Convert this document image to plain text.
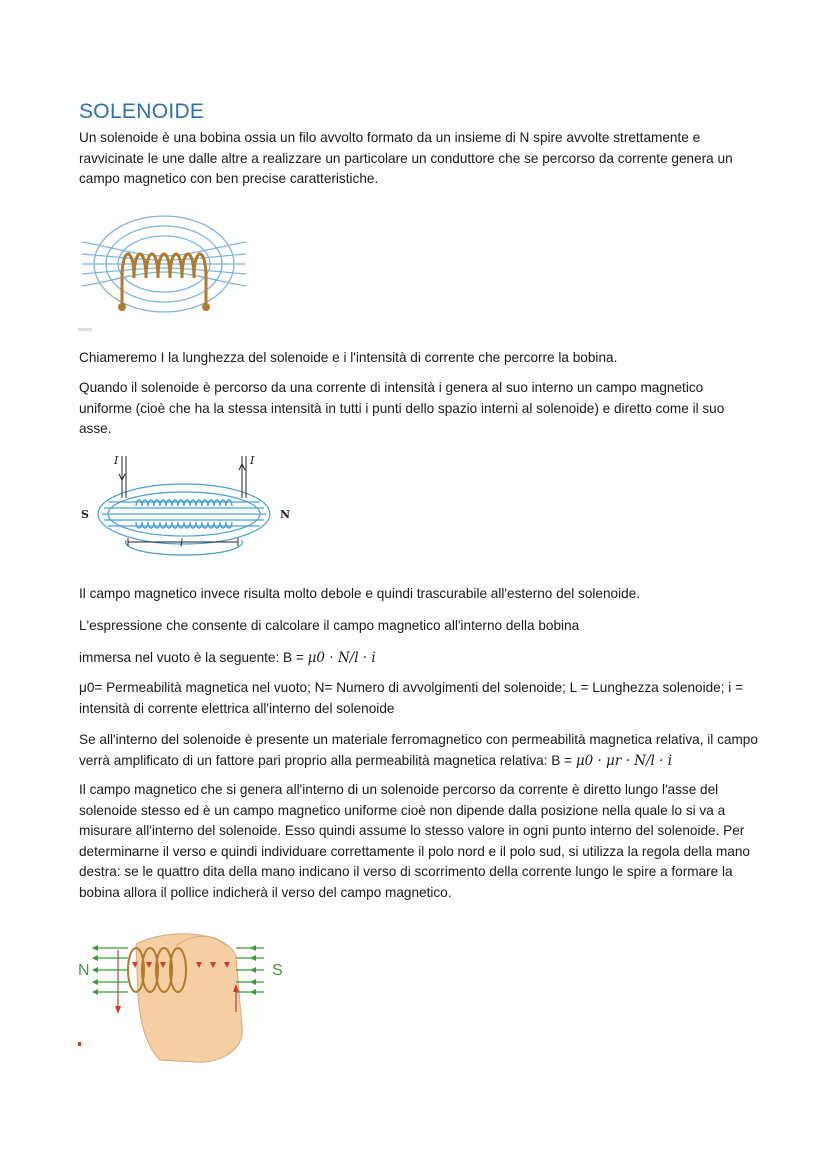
SOLENOIDE
Un solenoide è una bobina ossia un filo avvolto formato da un insieme di N spire avvolte strettamente e ravvicinate le une dalle altre a realizzare un particolare un conduttore che se percorso da corrente genera un campo magnetico con ben precise caratteristiche.
Chiameremo I la lunghezza del solenoide e i l'intensità di corrente che percorre la bobina.
Quando il solenoide è percorso da una corrente di intensità i genera al suo interno un campo magnetico uniforme (cioè che ha la stessa intensità in tutti i punti dello spazio interni al solenoide) e diretto come il suo asse.
I	I
S	N
l
Il campo magnetico invece risulta molto debole e quindi trascurabile all'esterno del solenoide.
L'espressione che consente di calcolare il campo magnetico all'interno della bobina
immersa nel vuoto è la seguente: B = μ0 · N/l · i
μ0= Permeabilità magnetica nel vuoto; N= Numero di avvolgimenti del solenoide; L = Lunghezza solenoide; i = intensità di corrente elettrica all'interno del solenoide
Se all'interno del solenoide è presente un materiale ferromagnetico con permeabilità magnetica relativa, il campo verrà amplificato di un fattore pari proprio alla permeabilità magnetica relativa: B = μ0 · μr · N/l · i
Il campo magnetico che si genera all'interno di un solenoide percorso da corrente è diretto lungo l'asse del solenoide stesso ed è un campo magnetico uniforme cioè non dipende dalla posizione nella quale lo si va a misurare all'interno del solenoide. Esso quindi assume lo stesso valore in ogni punto interno del solenoide. Per determinarne il verso e quindi individuare correttamente il polo nord e il polo sud, si utilizza la regola della mano destra: se le quattro dita della mano indicano il verso di scorrimento della corrente lungo le spire a formare la bobina allora il pollice indicherà il verso del campo magnetico.
N	S
